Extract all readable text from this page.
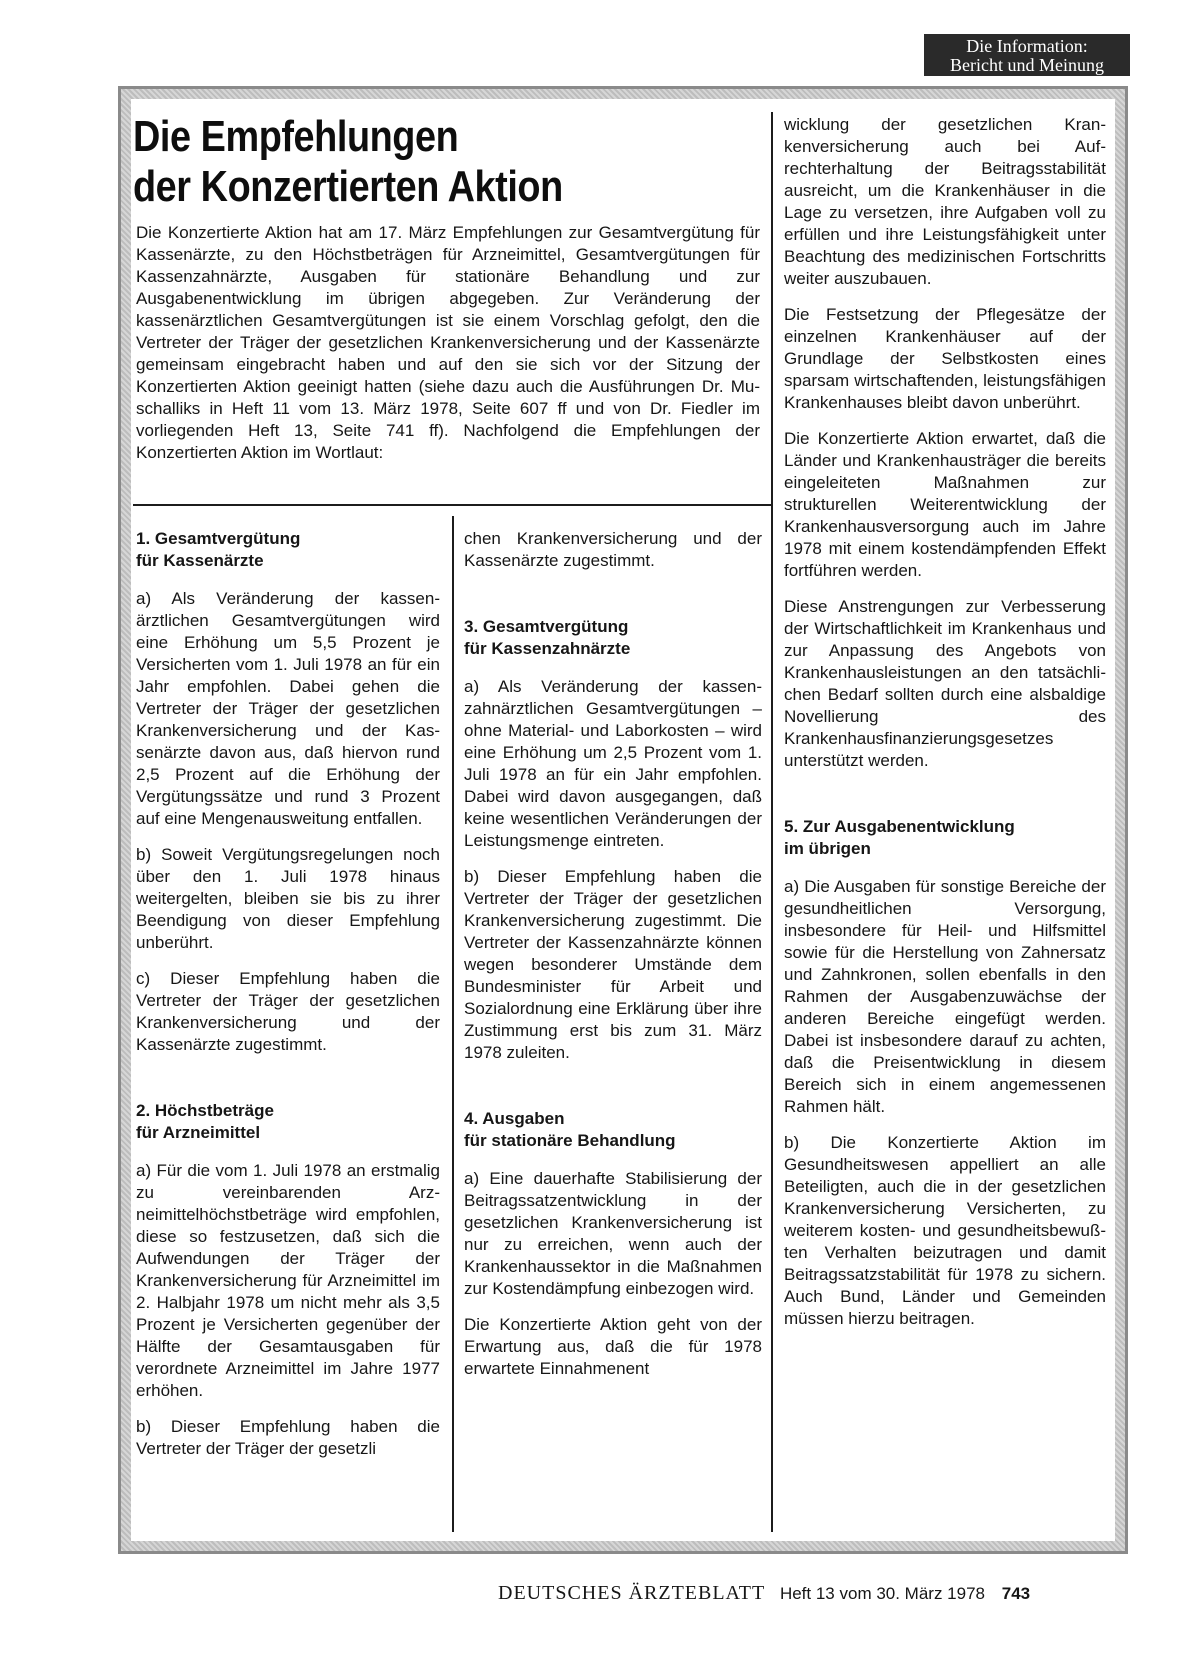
Die Information:
Bericht und Meinung
Die Empfehlungen
der Konzertierten Aktion

Die Konzertierte Aktion hat am 17. März Empfehlungen zur Gesamtvergütung für Kassenärzte, zu den Höchstbeträgen für Arzneimittel, Gesamtvergütungen für Kassenzahnärzte, Ausgaben für stationäre Behandlung und zur Ausgabenentwicklung im übrigen abgegeben. Zur Veränderung der kassenärztlichen Gesamtvergütungen ist sie einem Vorschlag gefolgt, den die Vertreter der Träger der gesetzlichen Krankenversicherung und der Kassenärzte gemeinsam eingebracht haben und auf den sie sich vor der Sitzung der Konzertierten Aktion geeinigt hatten (siehe dazu auch die Ausführungen Dr. Muschalliks in Heft 11 vom 13. März 1978, Seite 607 ff und von Dr. Fiedler im vorliegenden Heft 13, Seite 741 ff). Nachfolgend die Empfehlungen der Konzertierten Aktion im Wortlaut:

1. Gesamtvergütung
für Kassenärzte

a) Als Veränderung der kassenärztlichen Gesamtvergütungen wird eine Erhöhung um 5,5 Prozent je Versicherten vom 1. Juli 1978 an für ein Jahr empfohlen. Dabei gehen die Vertreter der Träger der gesetzlichen Krankenversicherung und der Kassenärzte davon aus, daß hiervon rund 2,5 Prozent auf die Erhöhung der Vergütungssätze und rund 3 Prozent auf eine Mengenausweitung entfallen.

b) Soweit Vergütungsregelungen noch über den 1. Juli 1978 hinaus weitergelten, bleiben sie bis zu ihrer Beendigung von dieser Empfehlung unberührt.

c) Dieser Empfehlung haben die Vertreter der Träger der gesetzlichen Krankenversicherung und der Kassenärzte zugestimmt.

2. Höchstbeträge
für Arzneimittel

a) Für die vom 1. Juli 1978 an erstmalig zu vereinbarenden Arzneimittelhöchstbeträge wird empfohlen, diese so festzusetzen, daß sich die Aufwendungen der Träger der Krankenversicherung für Arzneimittel im 2. Halbjahr 1978 um nicht mehr als 3,5 Prozent je Versicherten gegenüber der Hälfte der Gesamtausgaben für verordnete Arzneimittel im Jahre 1977 erhöhen.

b) Dieser Empfehlung haben die Vertreter der Träger der gesetzli

chen Krankenversicherung und der Kassenärzte zugestimmt.

3. Gesamtvergütung
für Kassenzahnärzte

a) Als Veränderung der kassenzahnärztlichen Gesamtvergütungen – ohne Material- und Laborkosten – wird eine Erhöhung um 2,5 Prozent vom 1. Juli 1978 an für ein Jahr empfohlen. Dabei wird davon ausgegangen, daß keine wesentlichen Veränderungen der Leistungsmenge eintreten.

b) Dieser Empfehlung haben die Vertreter der Träger der gesetzlichen Krankenversicherung zugestimmt. Die Vertreter der Kassenzahnärzte können wegen besonderer Umstände dem Bundesminister für Arbeit und Sozialordnung eine Erklärung über ihre Zustimmung erst bis zum 31. März 1978 zuleiten.

4. Ausgaben
für stationäre Behandlung

a) Eine dauerhafte Stabilisierung der Beitragssatzentwicklung in der gesetzlichen Krankenversicherung ist nur zu erreichen, wenn auch der Krankenhaussektor in die Maßnahmen zur Kostendämpfung einbezogen wird.

Die Konzertierte Aktion geht von der Erwartung aus, daß die für 1978 erwartete Einnahmenent

wicklung der gesetzlichen Krankenversicherung auch bei Aufrechterhaltung der Beitragsstabilität ausreicht, um die Krankenhäuser in die Lage zu versetzen, ihre Aufgaben voll zu erfüllen und ihre Leistungsfähigkeit unter Beachtung des medizinischen Fortschritts weiter auszubauen.

Die Festsetzung der Pflegesätze der einzelnen Krankenhäuser auf der Grundlage der Selbstkosten eines sparsam wirtschaftenden, leistungsfähigen Krankenhauses bleibt davon unberührt.

Die Konzertierte Aktion erwartet, daß die Länder und Krankenhausträger die bereits eingeleiteten Maßnahmen zur strukturellen Weiterentwicklung der Krankenhausversorgung auch im Jahre 1978 mit einem kostendämpfenden Effekt fortführen werden.

Diese Anstrengungen zur Verbesserung der Wirtschaftlichkeit im Krankenhaus und zur Anpassung des Angebots von Krankenhausleistungen an den tatsächlichen Bedarf sollten durch eine alsbaldige Novellierung des Krankenhausfinanzierungsgesetzes unterstützt werden.

5. Zur Ausgabenentwicklung
im übrigen

a) Die Ausgaben für sonstige Bereiche der gesundheitlichen Versorgung, insbesondere für Heil- und Hilfsmittel sowie für die Herstellung von Zahnersatz und Zahnkronen, sollen ebenfalls in den Rahmen der Ausgabenzuwächse der anderen Bereiche eingefügt werden. Dabei ist insbesondere darauf zu achten, daß die Preisentwicklung in diesem Bereich sich in einem angemessenen Rahmen hält.

b) Die Konzertierte Aktion im Gesundheitswesen appelliert an alle Beteiligten, auch die in der gesetzlichen Krankenversicherung Versicherten, zu weiterem kosten- und gesundheitsbewußten Verhalten beizutragen und damit Beitragssatzstabilität für 1978 zu sichern. Auch Bund, Länder und Gemeinden müssen hierzu beitragen.

DEUTSCHES ÄRZTEBLATT Heft 13 vom 30. März 1978 743
